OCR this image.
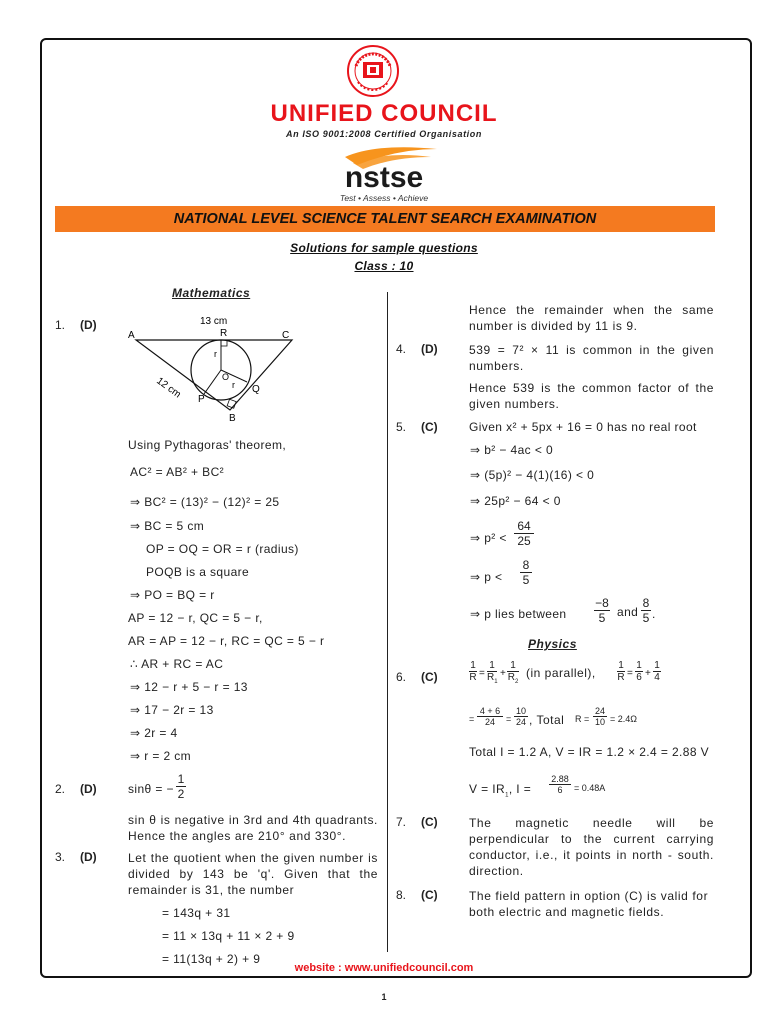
UNIFIED COUNCIL
An ISO 9001:2008 Certified Organisation
nstse
Test • Assess • Achieve
NATIONAL LEVEL SCIENCE TALENT SEARCH EXAMINATION
Solutions for sample questions
Class : 10
Mathematics
1. (D)	13 cm
A	R	C
r
O
r Q
P
B
12 cm
Using Pythagoras' theorem,
AC² = AB² + BC²
⇒ BC² = (13)² − (12)² = 25
⇒ BC = 5 cm
OP = OQ = OR = r (radius)
POQB is a square
⇒ PO = BQ = r
AP = 12 − r, QC = 5 − r,
AR = AP = 12 − r, RC = QC = 5 − r
∴ AR + RC = AC
⇒ 12 − r + 5 − r = 13
⇒ 17 − 2r = 13
⇒ 2r = 4
⇒ r = 2 cm
2. (D)	sinθ = − $\frac{1}{2}$
sin θ is negative in 3rd and 4th quadrants. Hence the angles are 210° and 330°.
3. (D)	Let the quotient when the given number is divided by 143 be 'q'. Given that the remainder is 31, the number
= 143q + 31
= 11 × 13q + 11 × 2 + 9
= 11(13q + 2) + 9
Hence the remainder when the same number is divided by 11 is 9.
4. (D)	539 = 7² × 11 is common in the given numbers.
Hence 539 is the common factor of the given numbers.
5. (C)	Given x² + 5px + 16 = 0 has no real root
⇒ b² − 4ac < 0
⇒ (5p)² − 4(1)(16) < 0
⇒ 25p² − 64 < 0
⇒ $p^2 < \frac{64}{25}$
⇒ $p < \frac{8}{5}$
⇒ p lies between
−8
5 and
8
5 .
Physics
6. (C)	$\frac{1}{R}$ =
1
$R_1$
+
1
$R_2$
(in parallel), $\frac{1}{R} = \frac{1}{6} + \frac{1}{4}$
=
4 + 6
24	=
10
24 , Total $R = \frac{24}{10} = 2.4\Omega$
Total I = 1.2 A, V = IR = 1.2 × 2.4 = 2.88 V
$V = IR_1$, $I = \frac{2.88}{6} = 0.48A$
7. (C)	The magnetic needle will be perpendicular to the current carrying conductor, i.e., it points in north - south. direction.
8. (C)	The field pattern in option (C) is valid for both electric and magnetic fields.
website : www.unifiedcouncil.com
1
